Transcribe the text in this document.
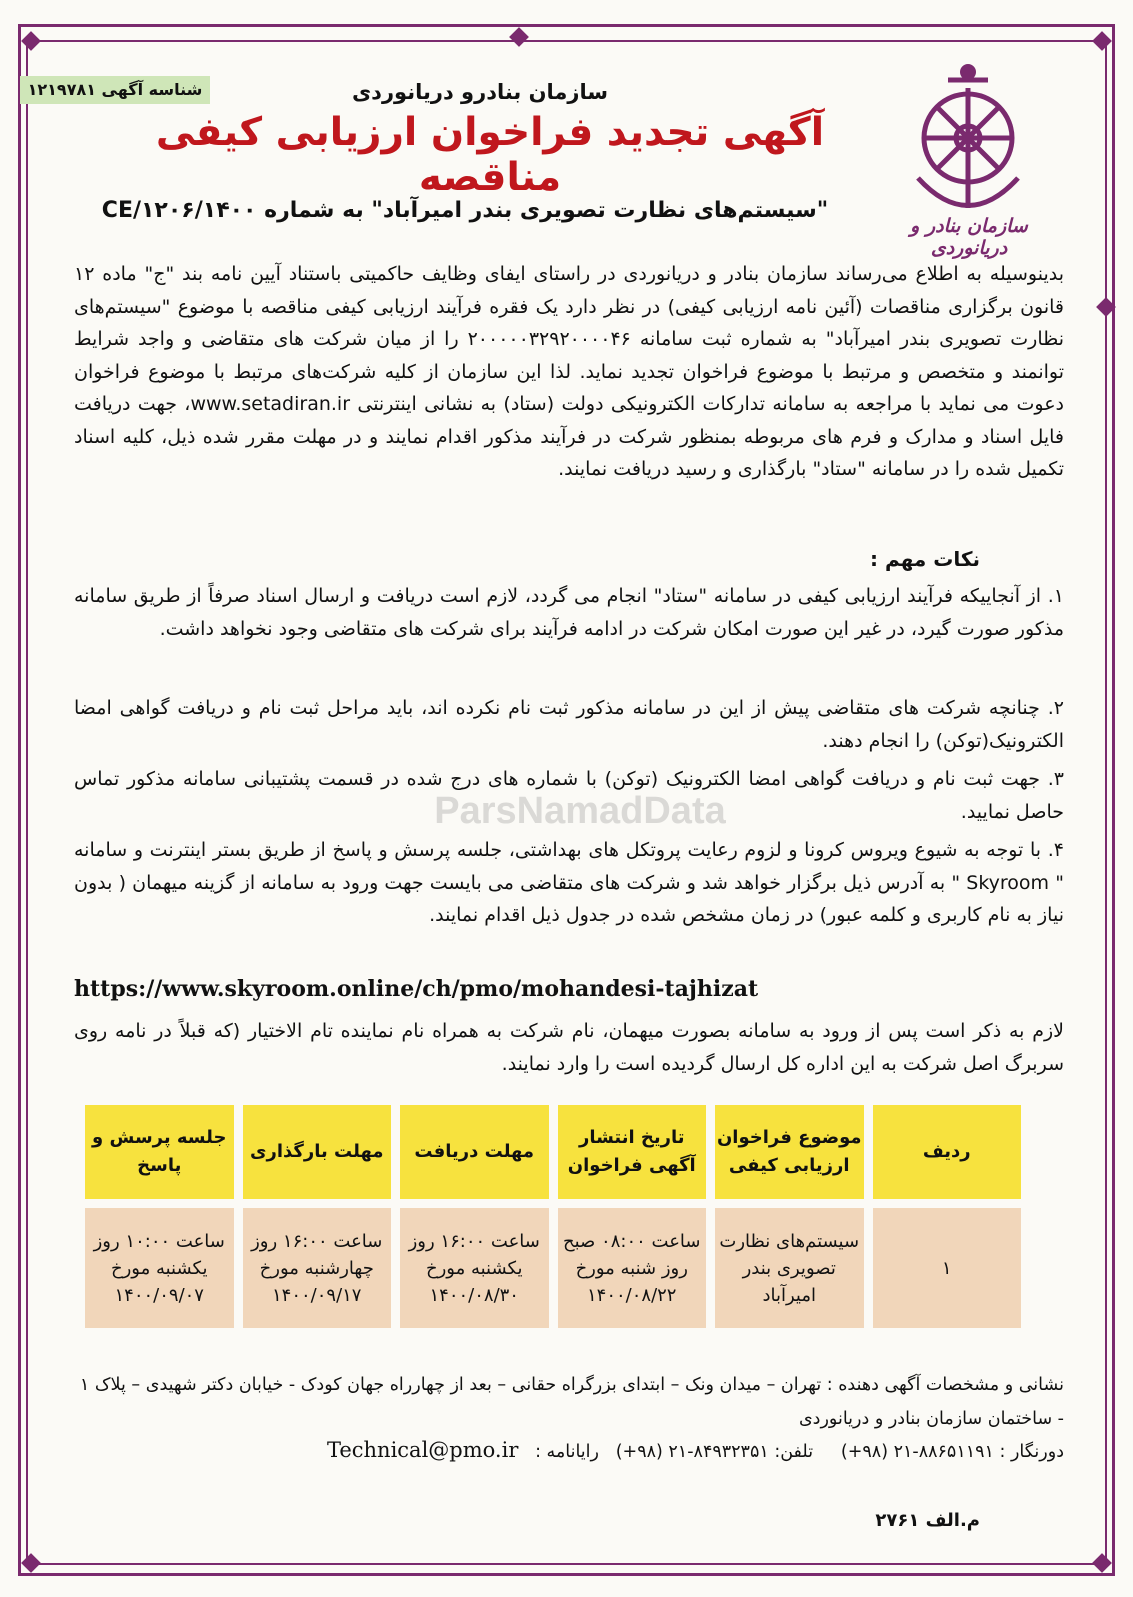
شناسه آگهی ۱۲۱۹۷۸۱
سازمان بنادر و دریانوردی
سازمان بنادرو دریانوردی
آگهی تجدید فراخوان ارزیابی کیفی مناقصه
"سیستم‌های نظارت تصویری بندر امیرآباد" به شماره ۱۴۰۰/CE/۱۲۰۶
بدینوسیله به اطلاع می‌رساند سازمان بنادر و دریانوردی در راستای ایفای وظایف حاکمیتی باستناد آیین نامه بند "ج" ماده ۱۲ قانون برگزاری مناقصات (آئین نامه ارزیابی کیفی) در نظر دارد یک فقره فرآیند ارزیابی کیفی مناقصه با موضوع "سیستم‌های نظارت تصویری بندر امیرآباد" به شماره ثبت سامانه ۲۰۰۰۰۰۳۲۹۲۰۰۰۰۴۶ را از میان شرکت های متقاضی و واجد شرایط توانمند و متخصص و مرتبط با موضوع فراخوان تجدید نماید. لذا این سازمان از کلیه شرکت‌های مرتبط با موضوع فراخوان دعوت می نماید با مراجعه به سامانه تدارکات الکترونیکی دولت (ستاد) به نشانی اینترنتی www.setadiran.ir، جهت دریافت فایل اسناد و مدارک و فرم های مربوطه بمنظور شرکت در فرآیند مذکور اقدام نمایند و در مهلت مقرر شده ذیل، کلیه اسناد تکمیل شده را در سامانه "ستاد" بارگذاری و رسید دریافت نمایند.
نکات مهم :
۱. از آنجاییکه فرآیند ارزیابی کیفی در سامانه "ستاد" انجام می گردد، لازم است دریافت و ارسال اسناد صرفاً از طریق سامانه مذکور صورت گیرد، در غیر این صورت امکان شرکت در ادامه فرآیند برای شرکت های متقاضی وجود نخواهد داشت.
۲. چنانچه شرکت های متقاضی پیش از این در سامانه مذکور ثبت نام نکرده اند، باید مراحل ثبت نام و دریافت گواهی امضا الکترونیک(توکن) را انجام دهند.
۳. جهت ثبت نام و دریافت گواهی امضا الکترونیک (توکن) با شماره های درج شده در قسمت پشتیبانی سامانه مذکور تماس حاصل نمایید.
۴. با توجه به شیوع ویروس کرونا و لزوم رعایت پروتکل های بهداشتی، جلسه پرسش و پاسخ از طریق بستر اینترنت و سامانه " Skyroom " به آدرس ذیل برگزار خواهد شد و شرکت های متقاضی می بایست جهت ورود به سامانه از گزینه میهمان ( بدون نیاز به نام کاربری و کلمه عبور) در زمان مشخص شده در جدول ذیل اقدام نمایند.
ParsNamadData
https://www.skyroom.online/ch/pmo/mohandesi-tajhizat
لازم به ذکر است پس از ورود به سامانه بصورت میهمان، نام شرکت به همراه نام نماینده تام الاختیار (که قبلاً در نامه روی سربرگ اصل شرکت به این اداره کل ارسال گردیده است را وارد نمایند.
ردیف	موضوع فراخوان ارزیابی کیفی	تاریخ انتشار آگهی فراخوان	مهلت دریافت	مهلت بارگذاری	جلسه پرسش و پاسخ
۱	سیستم‌های نظارت تصویری بندر امیرآباد	ساعت ۰۸:۰۰ صبح روز شنبه مورخ ۱۴۰۰/۰۸/۲۲	ساعت ۱۶:۰۰ روز یکشنبه مورخ ۱۴۰۰/۰۸/۳۰	ساعت ۱۶:۰۰ روز چهارشنبه مورخ ۱۴۰۰/۰۹/۱۷	ساعت ۱۰:۰۰ روز یکشنبه مورخ ۱۴۰۰/۰۹/۰۷
نشانی و مشخصات آگهی دهنده : تهران – میدان ونک – ابتدای بزرگراه حقانی – بعد از چهارراه جهان کودک - خیابان دکتر شهیدی – پلاک ۱ - ساختمان سازمان بنادر و دریانوردی
دورنگار : ۸۸۶۵۱۱۹۱-۲۱ (۹۸+)     تلفن: ۸۴۹۳۲۳۵۱-۲۱ (۹۸+)   رایانامه :   Technical@pmo.ir
م.الف ۲۷۶۱
